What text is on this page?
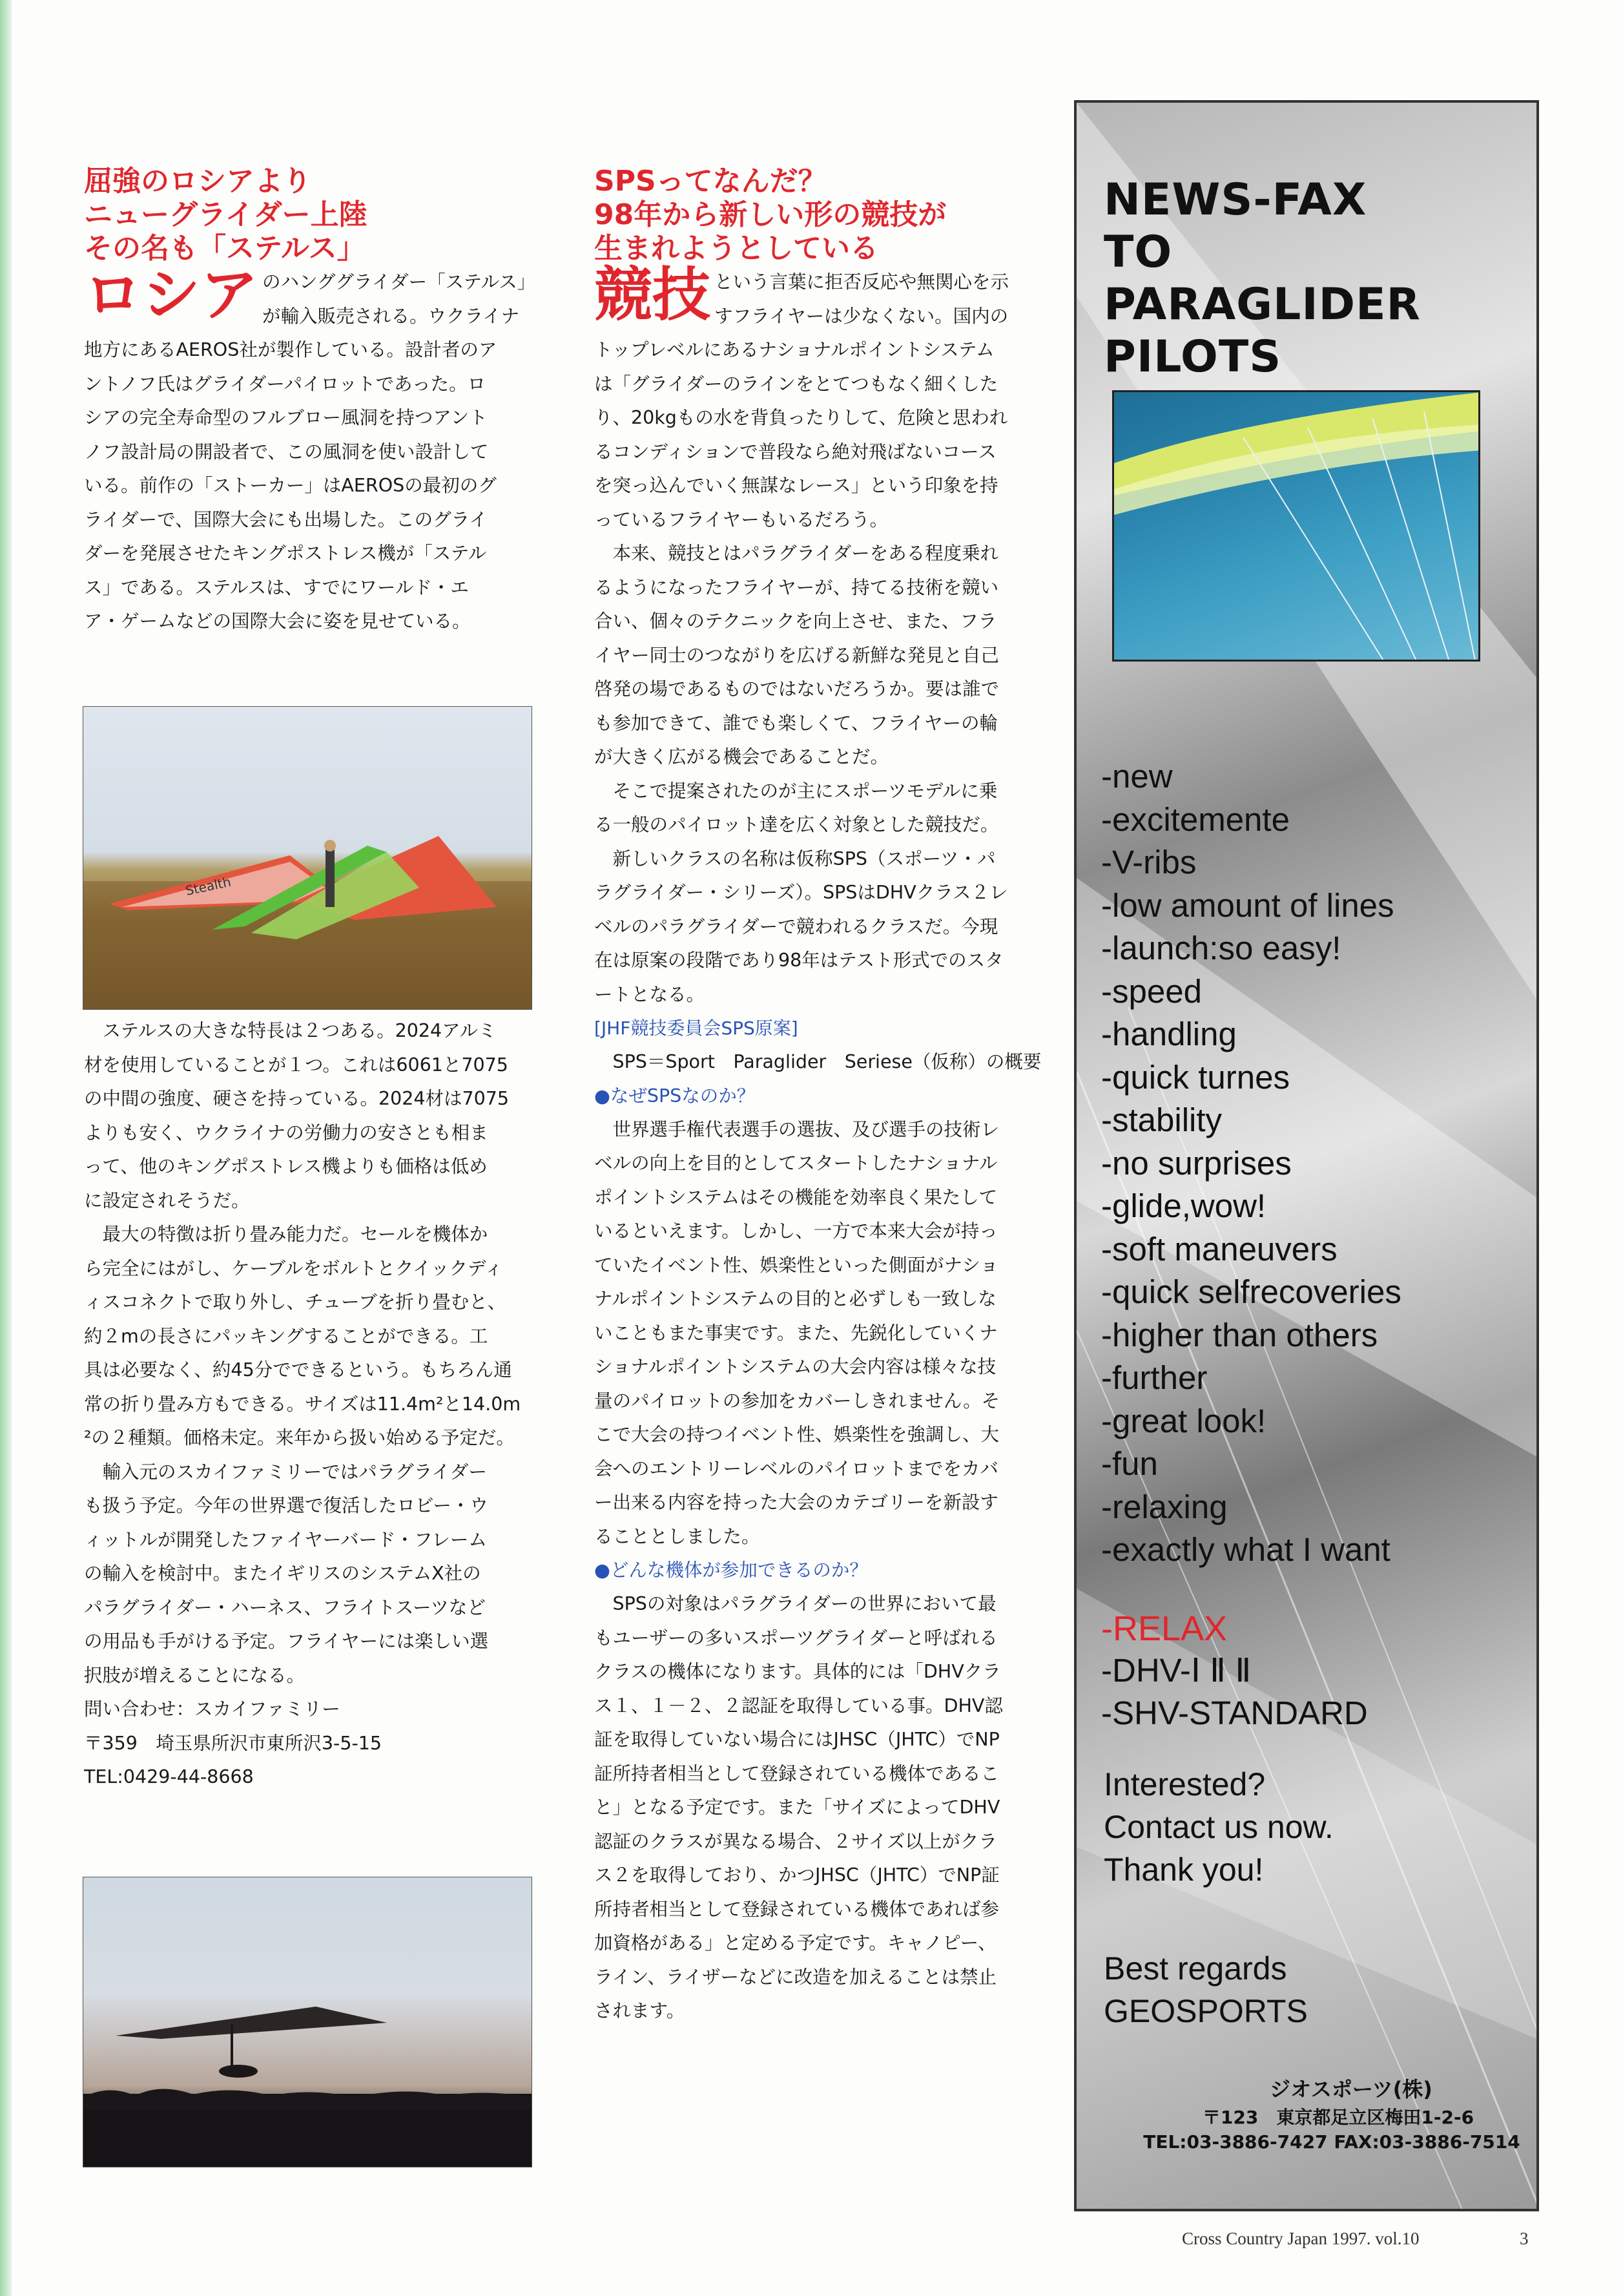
屈強のロシアより
ニューグライダー上陸
その名も「ステルス」
ロシア のハンググライダー「ステルス」
が輸入販売される。ウクライナ
地方にあるAEROS社が製作している。設計者のア
ントノフ氏はグライダーパイロットであった。ロ
シアの完全寿命型のフルブロー風洞を持つアント
ノフ設計局の開設者で、この風洞を使い設計して
いる。前作の「ストーカー」はAEROSの最初のグ
ライダーで、国際大会にも出場した。このグライ
ダーを発展させたキングポストレス機が「ステル
ス」である。ステルスは、すでにワールド・エ
ア・ゲームなどの国際大会に姿を見せている。
Stealth
　ステルスの大きな特長は２つある。2024アルミ
材を使用していることが１つ。これは6061と7075
の中間の強度、硬さを持っている。2024材は7075
よりも安く、ウクライナの労働力の安さとも相ま
って、他のキングポストレス機よりも価格は低め
に設定されそうだ。
　最大の特徴は折り畳み能力だ。セールを機体か
ら完全にはがし、ケーブルをボルトとクイックディ
ィスコネクトで取り外し、チューブを折り畳むと、
約２mの長さにパッキングすることができる。工
具は必要なく、約45分でできるという。もちろん通
常の折り畳み方もできる。サイズは11.4m²と14.0m
²の２種類。価格未定。来年から扱い始める予定だ。
　輸入元のスカイファミリーではパラグライダー
も扱う予定。今年の世界選で復活したロビー・ウ
ィットルが開発したファイヤーバード・フレーム
の輸入を検討中。またイギリスのシステムX社の
パラグライダー・ハーネス、フライトスーツなど
の用品も手がける予定。フライヤーには楽しい選
択肢が増えることになる。
問い合わせ：スカイファミリー
〒359　埼玉県所沢市東所沢3-5-15
TEL:0429-44-8668
SPSってなんだ？
98年から新しい形の競技が
生まれようとしている
競技 という言葉に拒否反応や無関心を示
すフライヤーは少なくない。国内の
トップレベルにあるナショナルポイントシステム
は「グライダーのラインをとてつもなく細くした
り、20kgもの水を背負ったりして、危険と思われ
るコンディションで普段なら絶対飛ばないコース
を突っ込んでいく無謀なレース」という印象を持
っているフライヤーもいるだろう。
　本来、競技とはパラグライダーをある程度乗れ
るようになったフライヤーが、持てる技術を競い
合い、個々のテクニックを向上させ、また、フラ
イヤー同士のつながりを広げる新鮮な発見と自己
啓発の場であるものではないだろうか。要は誰で
も参加できて、誰でも楽しくて、フライヤーの輪
が大きく広がる機会であることだ。
　そこで提案されたのが主にスポーツモデルに乗
る一般のパイロット達を広く対象とした競技だ。
　新しいクラスの名称は仮称SPS（スポーツ・パ
ラグライダー・シリーズ）。SPSはDHVクラス２レ
ベルのパラグライダーで競われるクラスだ。今現
在は原案の段階であり98年はテスト形式でのスタ
ートとなる。
[JHF競技委員会SPS原案]
　SPS＝Sport　Paraglider　Seriese（仮称）の概要
●なぜSPSなのか？
　世界選手権代表選手の選抜、及び選手の技術レ
ベルの向上を目的としてスタートしたナショナル
ポイントシステムはその機能を効率良く果たして
いるといえます。しかし、一方で本来大会が持っ
ていたイベント性、娯楽性といった側面がナショ
ナルポイントシステムの目的と必ずしも一致しな
いこともまた事実です。また、先鋭化していくナ
ショナルポイントシステムの大会内容は様々な技
量のパイロットの参加をカバーしきれません。そ
こで大会の持つイベント性、娯楽性を強調し、大
会へのエントリーレベルのパイロットまでをカバ
ー出来る内容を持った大会のカテゴリーを新設す
ることとしました。
●どんな機体が参加できるのか？
　SPSの対象はパラグライダーの世界において最
もユーザーの多いスポーツグライダーと呼ばれる
クラスの機体になります。具体的には「DHVクラ
ス１、１－２、２認証を取得している事。DHV認
証を取得していない場合にはJHSC（JHTC）でNP
証所持者相当として登録されている機体であるこ
と」となる予定です。また「サイズによってDHV
認証のクラスが異なる場合、２サイズ以上がクラ
ス２を取得しており、かつJHSC（JHTC）でNP証
所持者相当として登録されている機体であれば参
加資格がある」と定める予定です。キャノピー、
ライン、ライザーなどに改造を加えることは禁止
されます。
NEWS-FAX
TO
PARAGLIDER
PILOTS
-new
-excitemente
-V-ribs
-low amount of lines
-launch:so easy!
-speed
-handling
-quick turnes
-stability
-no surprises
-glide,wow!
-soft maneuvers
-quick selfrecoveries
-higher than others
-further
-great look!
-fun
-relaxing
-exactly what I want
-RELAX
-DHV-Ⅰ Ⅱ Ⅱ
-SHV-STANDARD
Interested?
Contact us now.
Thank you!
Best regards
GEOSPORTS
ジオスポーツ(株)
〒123　東京都足立区梅田1-2-6
TEL:03-3886-7427 FAX:03-3886-7514
Cross Country Japan 1997. vol.10	3
